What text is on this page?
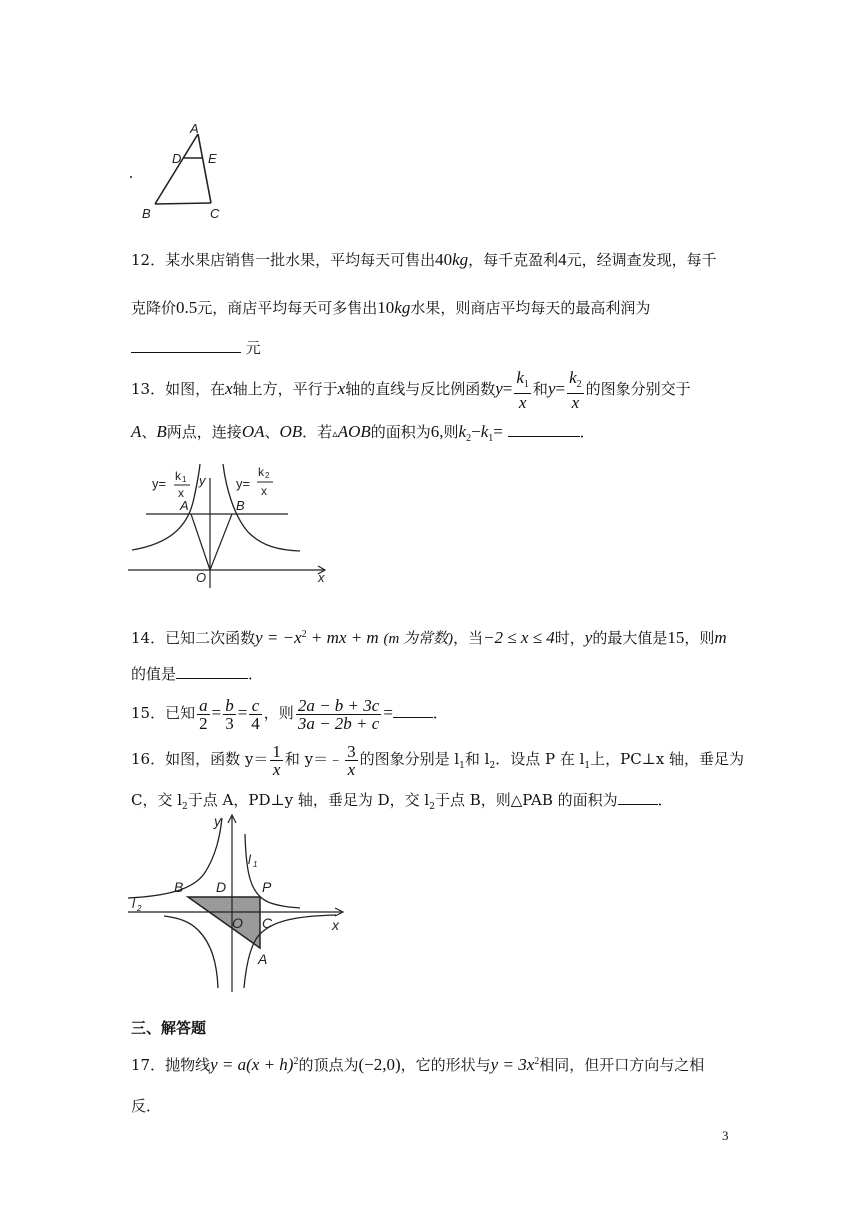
A
D E
B	C
12．某水果店销售一批水果，平均每天可售出40kg，每千克盈利4元，经调查发现，每千
克降价0.5元，商店平均每天可多售出10kg水果，则商店平均每天的最高利润为
元
13．如图，在x轴上方，平行于x轴的直线与反比例函数$y= \frac{k_1}{x}$ 和$y= \frac{k_2}{x}$ 的图象分别交于
A、B两点，连接OA、OB．若▵AOB的面积为6,则$k_2-k_1=$	．
y= k 1
x
y y=
k 2
x
A	B
O	x
14．已知二次函数$y = -x^2$ + mx + m (m 为常数)，当−2 ≤ x ≤ 4时，y的最大值是15，则m
的值是	．
15．已知 $\frac{a}{2} = \frac{b}{3} = \frac{c}{4}$ ，则 $\frac{2a - b + 3c}{3a - 2b + c}$ =	．
16．如图，函数 $y= \frac{1}{x}$ 和 y＝﹣ $\frac{3}{x}$ 的图象分别是 $l_1$和 $l_2$．设点 P 在 $l_1$上，PC⊥x 轴，垂足为
C，交 $l_2$于点 A，PD⊥y 轴，垂足为 D，交 $l_2$于点 B，则△PAB 的面积为	．
y
x
l 1
l 2
B D	P
O C
A
三、解答题
17．抛物线$y = a(x + h)^2$的顶点为(−2,0)，它的形状与$y = 3x^2$相同，但开口方向与之相
反．
3
